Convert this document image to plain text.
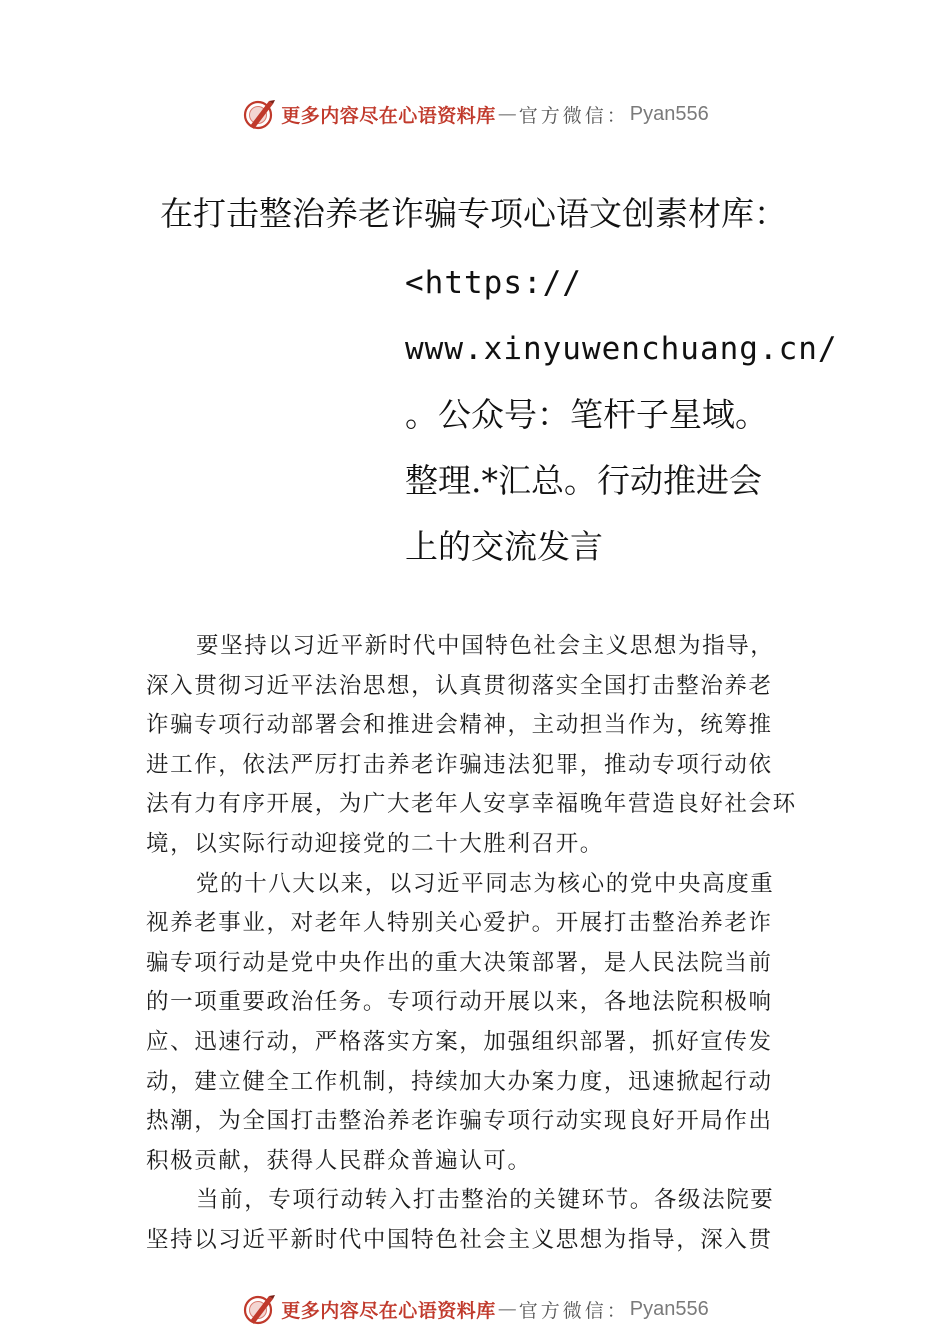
更多内容尽在心语资料库 — 官方微信 ： Pyan556
在打击整治养老诈骗专项心语文创素材库：
<https://
www.xinyuwenchuang.cn/
。公众号：笔杆子星域。
整理.*汇总。行动推进会
上的交流发言
要坚持以习近平新时代中国特色社会主义思想为指导，
深入贯彻习近平法治思想，认真贯彻落实全国打击整治养老
诈骗专项行动部署会和推进会精神，主动担当作为，统筹推
进工作，依法严厉打击养老诈骗违法犯罪，推动专项行动依
法有力有序开展，为广大老年人安享幸福晚年营造良好社会环
境，以实际行动迎接党的二十大胜利召开。
党的十八大以来，以习近平同志为核心的党中央高度重
视养老事业，对老年人特别关心爱护。开展打击整治养老诈
骗专项行动是党中央作出的重大决策部署，是人民法院当前
的一项重要政治任务。专项行动开展以来，各地法院积极响
应、迅速行动，严格落实方案，加强组织部署，抓好宣传发
动，建立健全工作机制，持续加大办案力度，迅速掀起行动
热潮，为全国打击整治养老诈骗专项行动实现良好开局作出
积极贡献，获得人民群众普遍认可。
当前，专项行动转入打击整治的关键环节。各级法院要
坚持以习近平新时代中国特色社会主义思想为指导，深入贯
更多内容尽在心语资料库 — 官方微信 ： Pyan556
